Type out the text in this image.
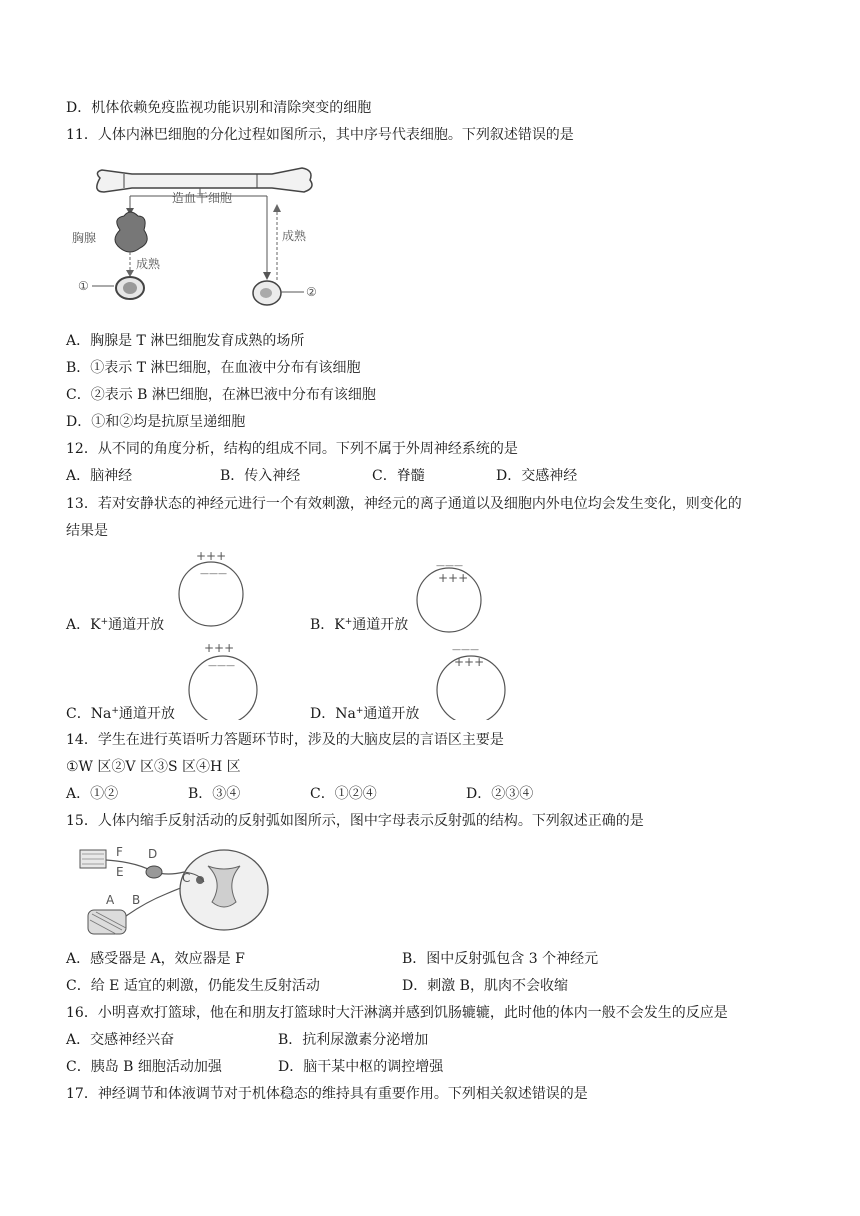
D．机体依赖免疫监视功能识别和清除突变的细胞
11．人体内淋巴细胞的分化过程如图所示，其中序号代表细胞。下列叙述错误的是
造血干细胞
成熟
胸腺
成熟
①	②
A．胸腺是 T 淋巴细胞发育成熟的场所
B．①表示 T 淋巴细胞，在血液中分布有该细胞
C．②表示 B 淋巴细胞，在淋巴液中分布有该细胞
D．①和②均是抗原呈递细胞
12．从不同的角度分析，结构的组成不同。下列不属于外周神经系统的是
A．脑神经	B．传入神经	C．脊髓	D．交感神经
13．若对安静状态的神经元进行一个有效刺激，神经元的离子通道以及细胞内外电位均会发生变化，则变化的
结果是
+++
———
———
+++
A．K+通道开放	B．K+通道开放
+++
———
———
+++
C．Na+通道开放	D．Na+通道开放
14．学生在进行英语听力答题环节时，涉及的大脑皮层的言语区主要是
①W 区②V 区③S 区④H 区
A．①②	B．③④	C．①②④	D．②③④
15．人体内缩手反射活动的反射弧如图所示，图中字母表示反射弧的结构。下列叙述正确的是
F
E
A B
D
C
A．感受器是 A，效应器是 F	B．图中反射弧包含 3 个神经元
C．给 E 适宜的刺激，仍能发生反射活动	D．刺激 B，肌肉不会收缩
16．小明喜欢打篮球，他在和朋友打篮球时大汗淋漓并感到饥肠辘辘，此时他的体内一般不会发生的反应是
A．交感神经兴奋	B．抗利尿激素分泌增加
C．胰岛 B 细胞活动加强	D．脑干某中枢的调控增强
17．神经调节和体液调节对于机体稳态的维持具有重要作用。下列相关叙述错误的是
